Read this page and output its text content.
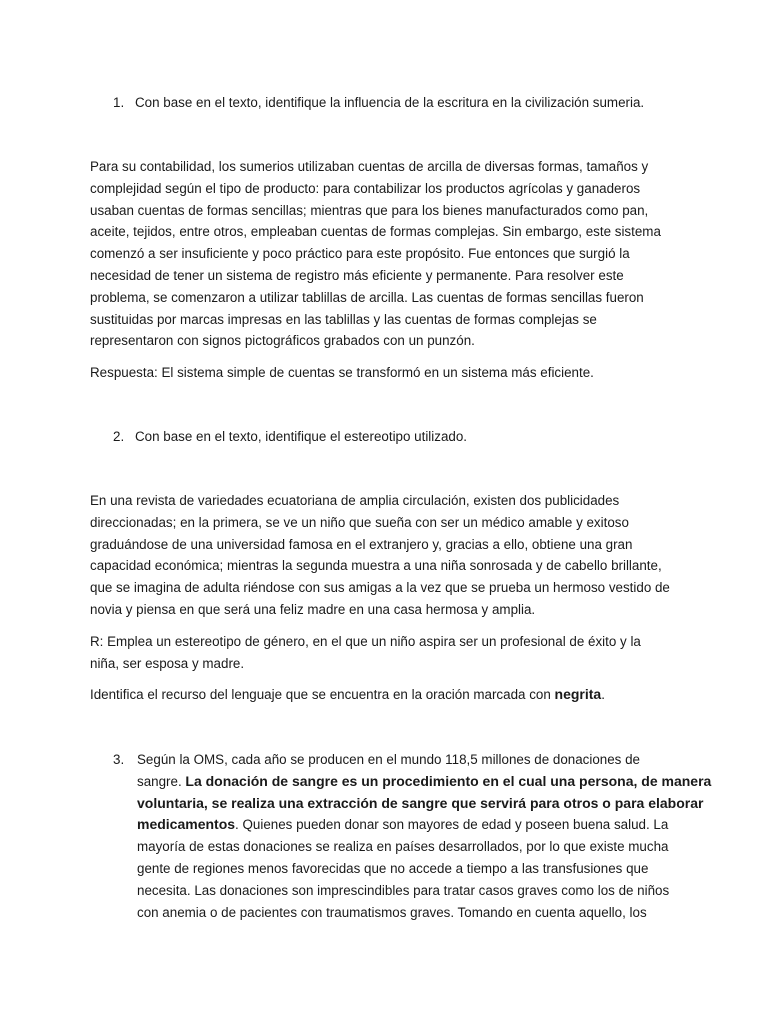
1. Con base en el texto, identifique la influencia de la escritura en la civilización sumeria.
Para su contabilidad, los sumerios utilizaban cuentas de arcilla de diversas formas, tamaños y
complejidad según el tipo de producto: para contabilizar los productos agrícolas y ganaderos
usaban cuentas de formas sencillas; mientras que para los bienes manufacturados como pan,
aceite, tejidos, entre otros, empleaban cuentas de formas complejas. Sin embargo, este sistema
comenzó a ser insuficiente y poco práctico para este propósito. Fue entonces que surgió la
necesidad de tener un sistema de registro más eficiente y permanente. Para resolver este
problema, se comenzaron a utilizar tablillas de arcilla. Las cuentas de formas sencillas fueron
sustituidas por marcas impresas en las tablillas y las cuentas de formas complejas se
representaron con signos pictográficos grabados con un punzón.
Respuesta: El sistema simple de cuentas se transformó en un sistema más eficiente.
2. Con base en el texto, identifique el estereotipo utilizado.
En una revista de variedades ecuatoriana de amplia circulación, existen dos publicidades
direccionadas; en la primera, se ve un niño que sueña con ser un médico amable y exitoso
graduándose de una universidad famosa en el extranjero y, gracias a ello, obtiene una gran
capacidad económica; mientras la segunda muestra a una niña sonrosada y de cabello brillante,
que se imagina de adulta riéndose con sus amigas a la vez que se prueba un hermoso vestido de
novia y piensa en que será una feliz madre en una casa hermosa y amplia.
R: Emplea un estereotipo de género, en el que un niño aspira ser un profesional de éxito y la
niña, ser esposa y madre.
Identifica el recurso del lenguaje que se encuentra en la oración marcada con negrita.
3. Según la OMS, cada año se producen en el mundo 118,5 millones de donaciones de
sangre. La donación de sangre es un procedimiento en el cual una persona, de manera
voluntaria, se realiza una extracción de sangre que servirá para otros o para elaborar
medicamentos. Quienes pueden donar son mayores de edad y poseen buena salud. La
mayoría de estas donaciones se realiza en países desarrollados, por lo que existe mucha
gente de regiones menos favorecidas que no accede a tiempo a las transfusiones que
necesita. Las donaciones son imprescindibles para tratar casos graves como los de niños
con anemia o de pacientes con traumatismos graves. Tomando en cuenta aquello, los
